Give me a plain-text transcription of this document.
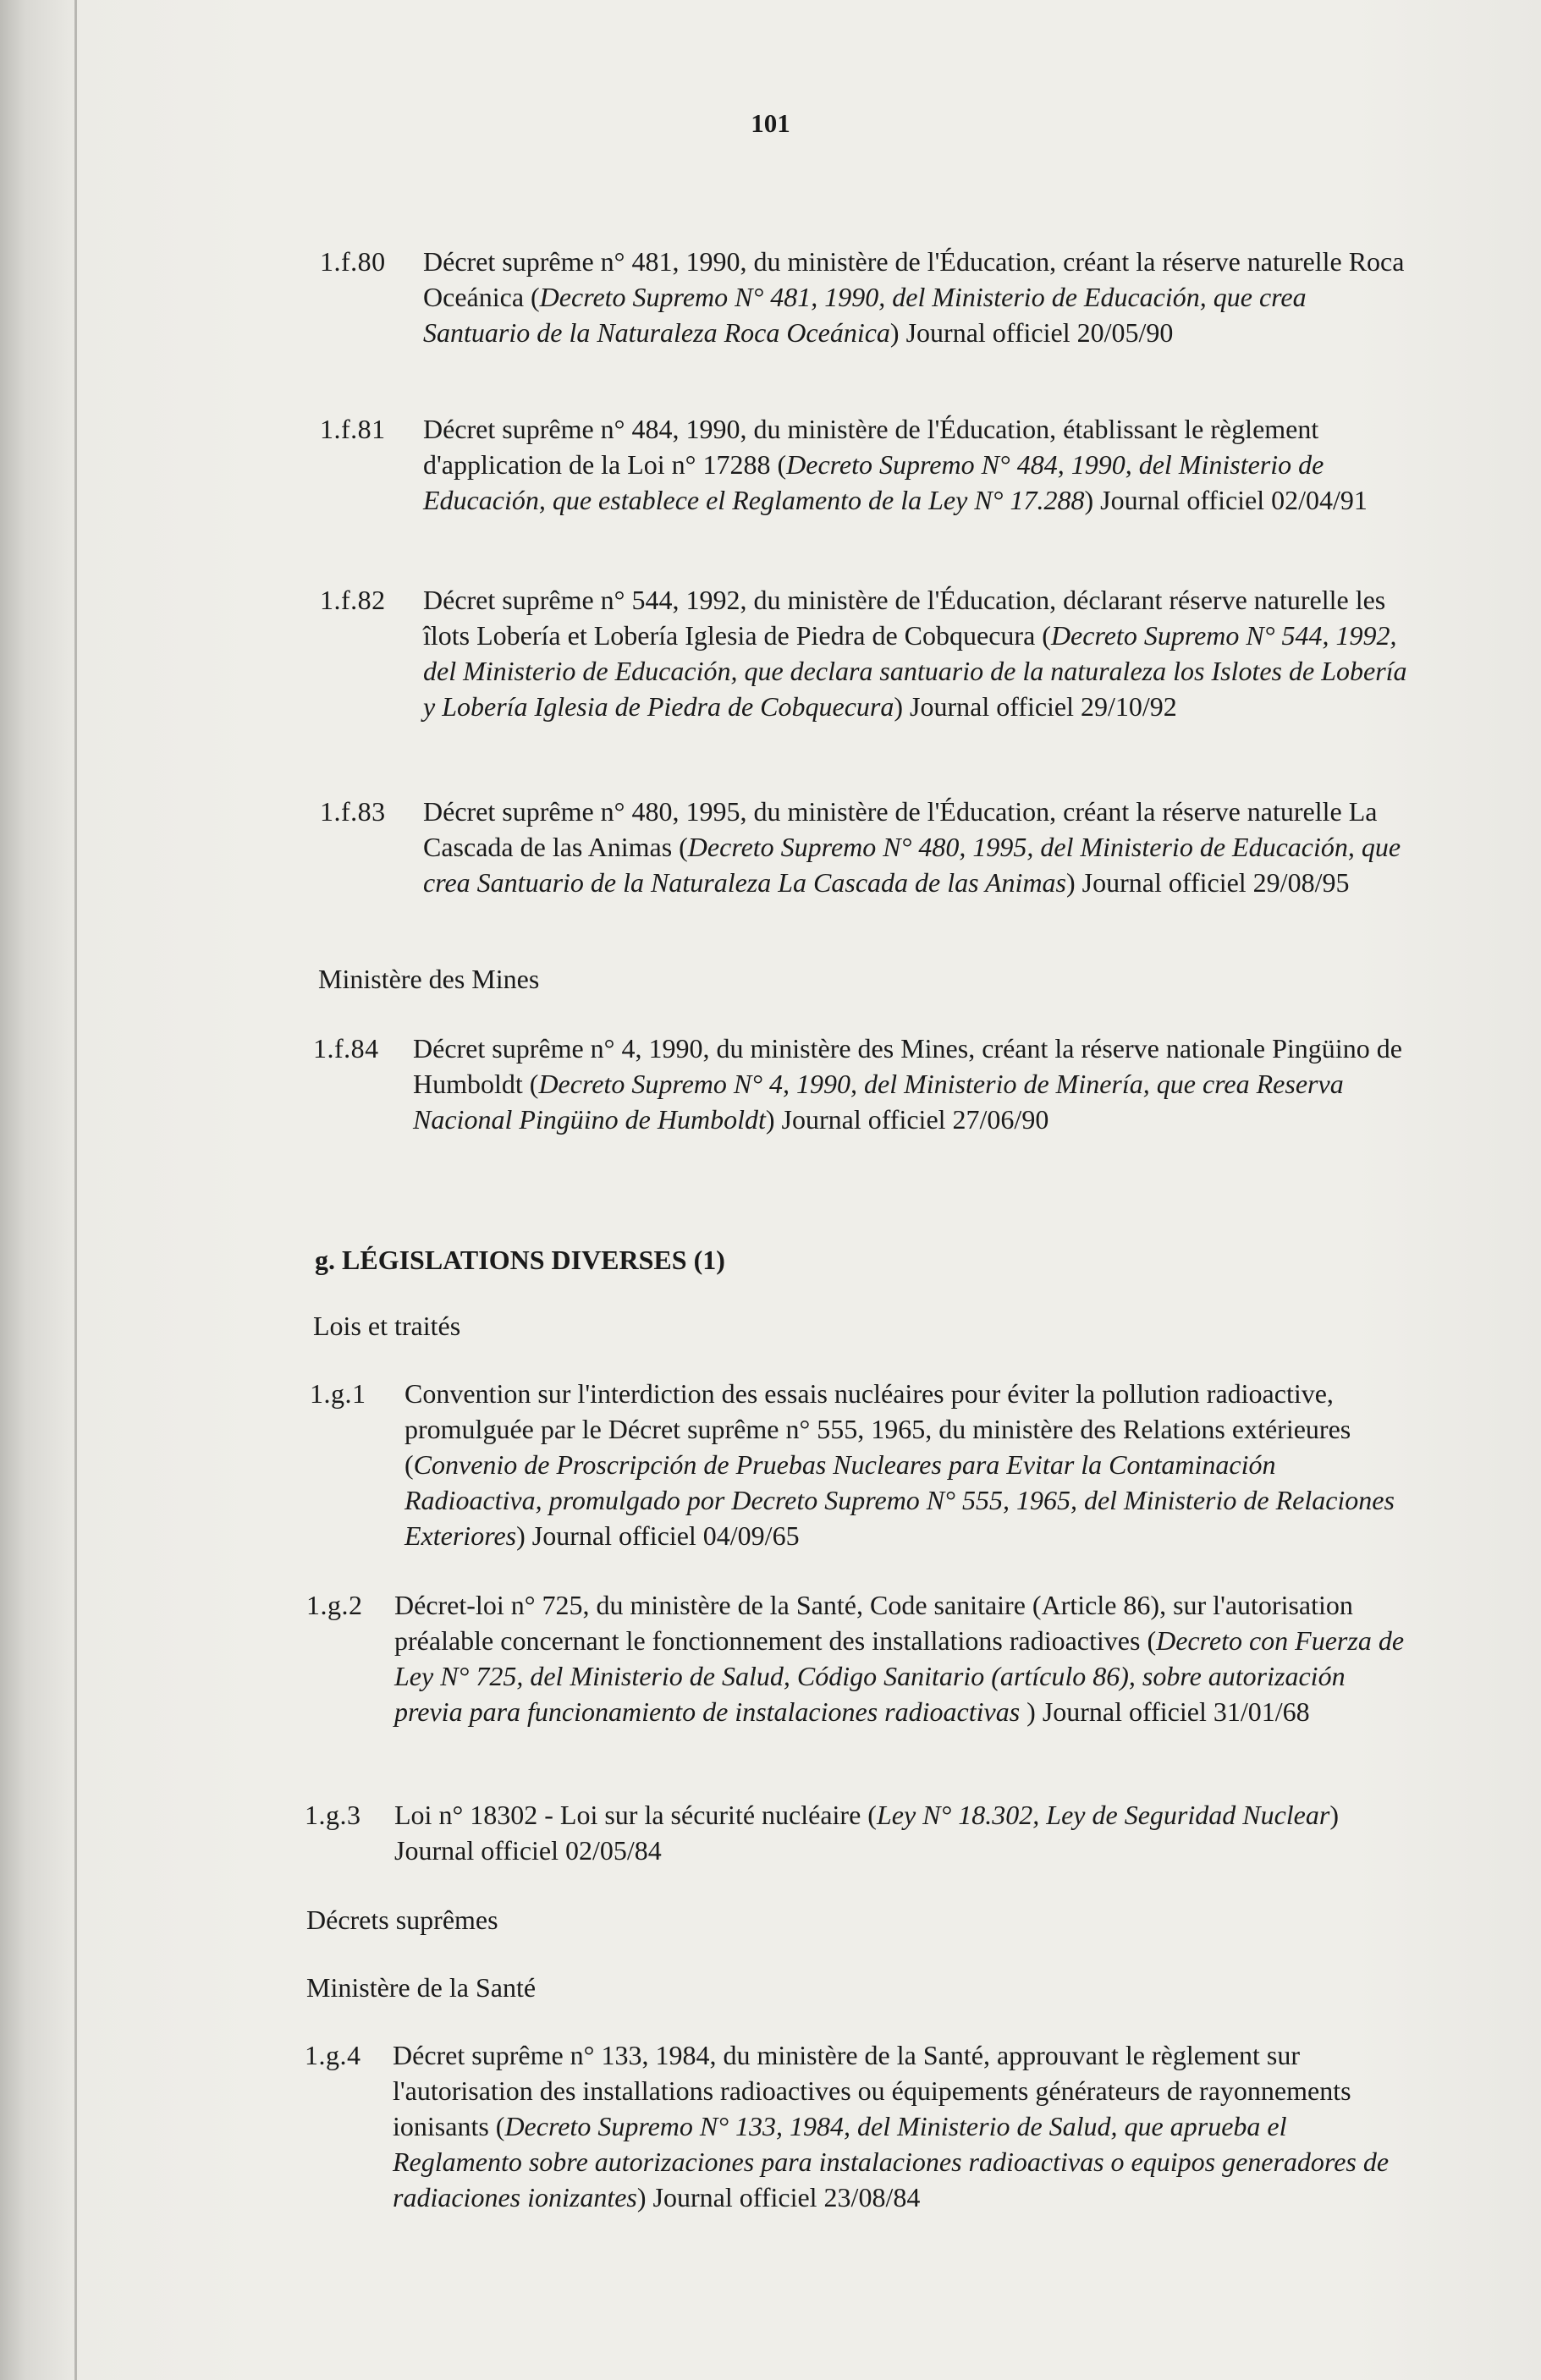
101
1.f.80	Décret suprême n° 481, 1990, du ministère de l'Éducation, créant la réserve naturelle Roca Oceánica (Decreto Supremo N° 481, 1990, del Ministerio de Educación, que crea Santuario de la Naturaleza Roca Oceánica) Journal officiel 20/05/90
1.f.81	Décret suprême n° 484, 1990, du ministère de l'Éducation, établissant le règlement d'application de la Loi n° 17288 (Decreto Supremo N° 484, 1990, del Ministerio de Educación, que establece el Reglamento de la Ley N° 17.288) Journal officiel 02/04/91
1.f.82	Décret suprême n° 544, 1992, du ministère de l'Éducation, déclarant réserve naturelle les îlots Lobería et Lobería Iglesia de Piedra de Cobquecura (Decreto Supremo N° 544, 1992, del Ministerio de Educación, que declara santuario de la naturaleza los Islotes de Lobería y Lobería Iglesia de Piedra de Cobquecura) Journal officiel 29/10/92
1.f.83	Décret suprême n° 480, 1995, du ministère de l'Éducation, créant la réserve naturelle La Cascada de las Animas (Decreto Supremo N° 480, 1995, del Ministerio de Educación, que crea Santuario de la Naturaleza La Cascada de las Animas) Journal officiel 29/08/95
Ministère des Mines
1.f.84	Décret suprême n° 4, 1990, du ministère des Mines, créant la réserve nationale Pingüino de Humboldt (Decreto Supremo N° 4, 1990, del Ministerio de Minería, que crea Reserva Nacional Pingüino de Humboldt) Journal officiel 27/06/90
g. LÉGISLATIONS DIVERSES (1)
Lois et traités
1.g.1	Convention sur l'interdiction des essais nucléaires pour éviter la pollution radioactive, promulguée par le Décret suprême n° 555, 1965, du ministère des Relations extérieures (Convenio de Proscripción de Pruebas Nucleares para Evitar la Contaminación Radioactiva, promulgado por Decreto Supremo N° 555, 1965, del Ministerio de Relaciones Exteriores) Journal officiel 04/09/65
1.g.2	Décret-loi n° 725, du ministère de la Santé, Code sanitaire (Article 86), sur l'autorisation préalable concernant le fonctionnement des installations radioactives (Decreto con Fuerza de Ley N° 725, del Ministerio de Salud, Código Sanitario (artículo 86), sobre autorización previa para funcionamiento de instalaciones radioactivas ) Journal officiel 31/01/68
1.g.3	Loi n° 18302 - Loi sur la sécurité nucléaire (Ley N° 18.302, Ley de Seguridad Nuclear) Journal officiel 02/05/84
Décrets suprêmes
Ministère de la Santé
1.g.4	Décret suprême n° 133, 1984, du ministère de la Santé, approuvant le règlement sur l'autorisation des installations radioactives ou équipements générateurs de rayonnements ionisants (Decreto Supremo N° 133, 1984, del Ministerio de Salud, que aprueba el Reglamento sobre autorizaciones para instalaciones radioactivas o equipos generadores de radiaciones ionizantes) Journal officiel 23/08/84
